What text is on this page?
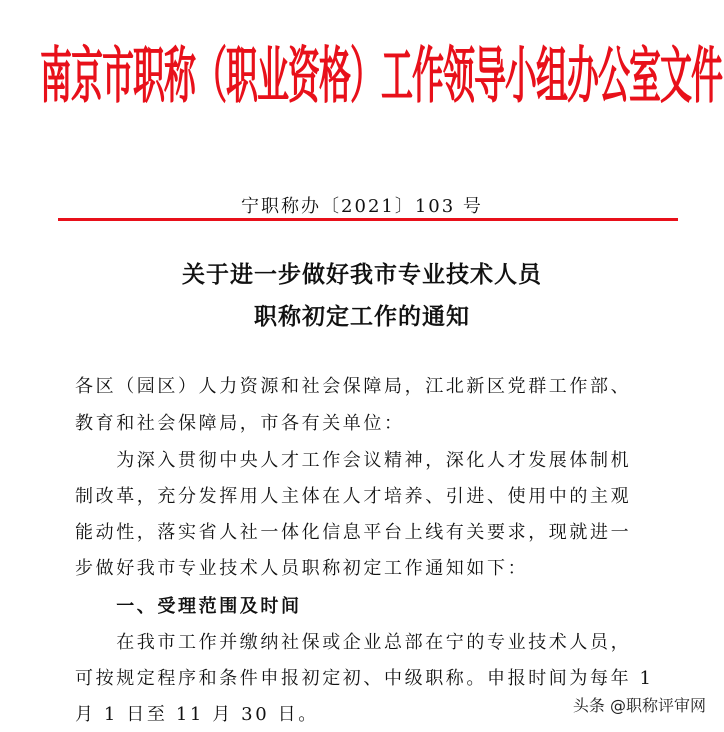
南京市职称（职业资格）工作领导小组办公室文件
宁职称办〔2021〕103 号
关于进一步做好我市专业技术人员
职称初定工作的通知
各区（园区）人力资源和社会保障局，江北新区党群工作部、
教育和社会保障局，市各有关单位：
　　为深入贯彻中央人才工作会议精神，深化人才发展体制机
制改革，充分发挥用人主体在人才培养、引进、使用中的主观
能动性，落实省人社一体化信息平台上线有关要求，现就进一
步做好我市专业技术人员职称初定工作通知如下：
　　一、受理范围及时间
　　在我市工作并缴纳社保或企业总部在宁的专业技术人员，
可按规定程序和条件申报初定初、中级职称。申报时间为每年 1
月 1 日至 11 月 30 日。	头条 @职称评审网
